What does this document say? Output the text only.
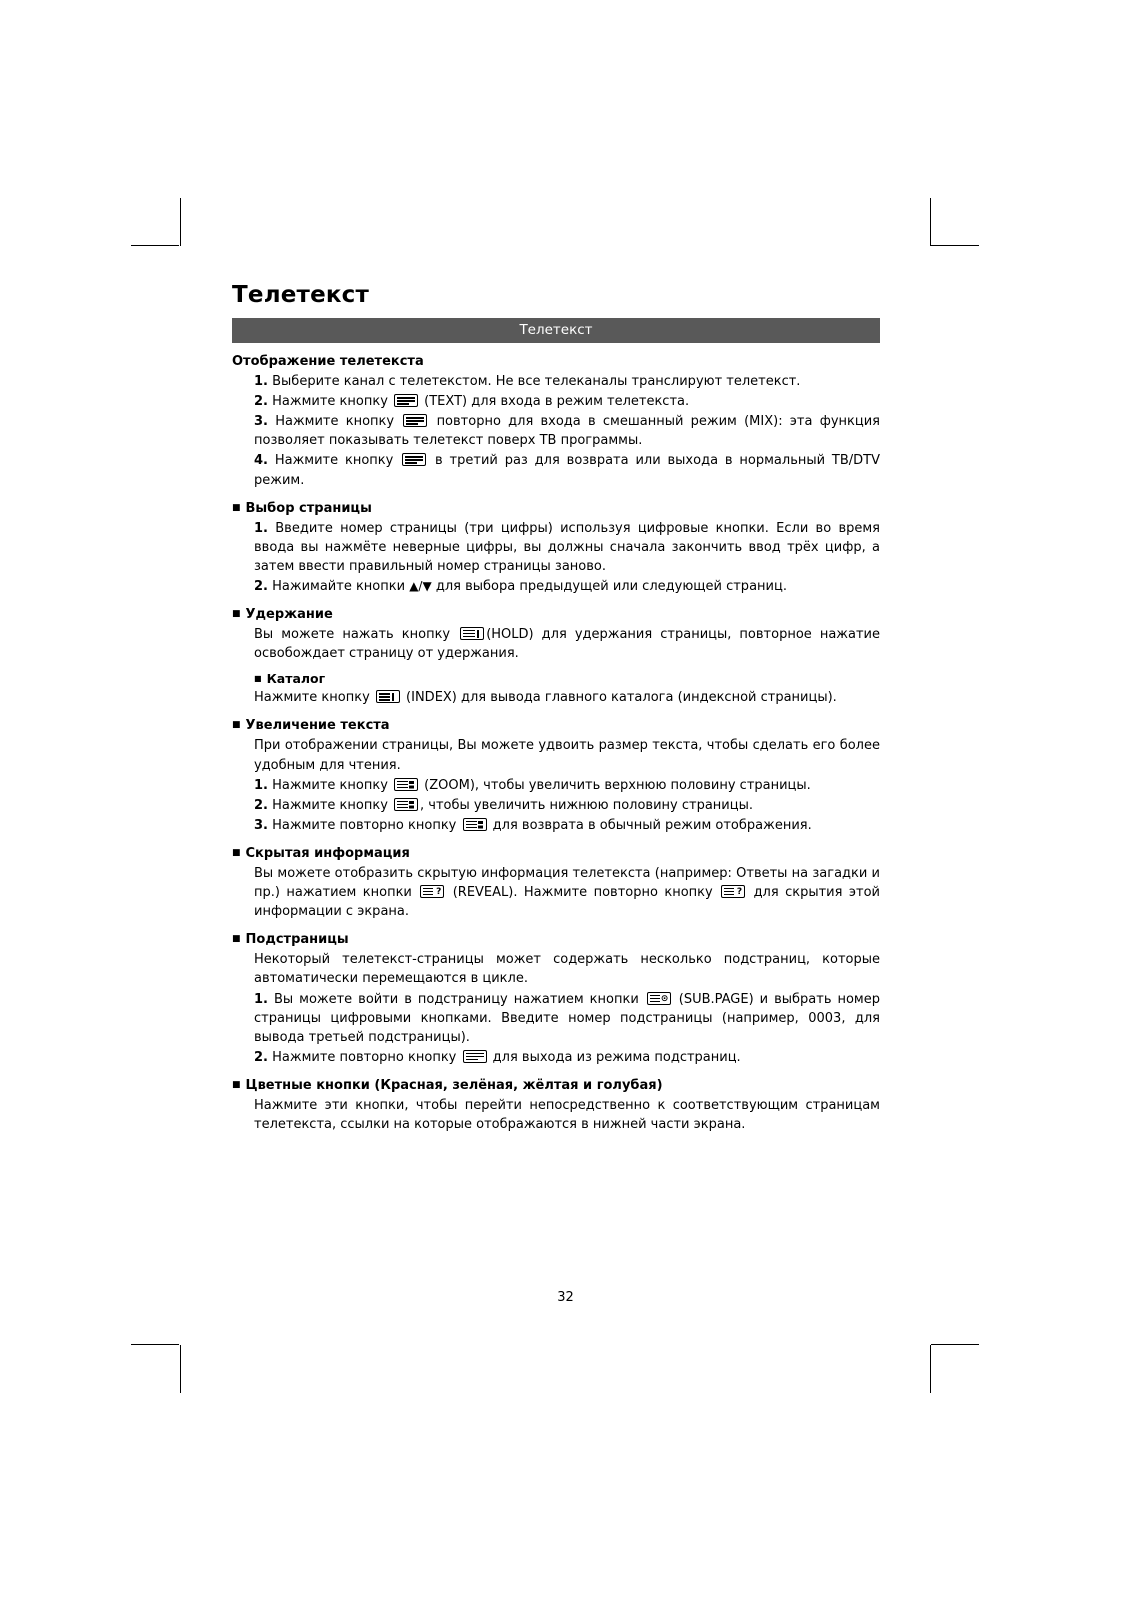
Телетекст
Телетекст
Отображение телетекста

1. Выберите канал с телетекстом. Не все телеканалы транслируют телетекст.

2. Нажмите кнопку	(TEXT) для входа в режим телетекста.

3. Нажмите кнопку	повторно для входа в смешанный режим (MIX): эта функция позволяет показывать телетекст поверх ТВ программы.

4. Нажмите кнопку	в третий раз для возврата или выхода в нормальный ТВ/DTV режим.

■ Выбор страницы

1. Введите номер страницы (три цифры) используя цифровые кнопки. Если во время ввода вы нажмёте неверные цифры, вы должны сначала закончить ввод трёх цифр, а затем ввести правильный номер страницы заново.

2. Нажимайте кнопки ▲/▼ для выбора предыдущей или следующей страниц.

■ Удержание

Вы можете нажать кнопку	(HOLD) для удержания страницы, повторное нажатие освобождает страницу от удержания.

■ Каталог

Нажмите кнопку	(INDEX) для вывода главного каталога (индексной страницы).

■ Увеличение текста

При отображении страницы, Вы можете удвоить размер текста, чтобы сделать его более удобным для чтения.

1. Нажмите кнопку	(ZOOM), чтобы увеличить верхнюю половину страницы.

2. Нажмите кнопку , чтобы увеличить нижнюю половину страницы.

3. Нажмите повторно кнопку	для возврата в обычный режим отображения.

■ Скрытая информация

Вы можете отобразить скрытую информация телетекста (например: Ответы на загадки и пр.) нажатием кнопки	? (REVEAL). Нажмите повторно кнопку	? для скрытия этой информации с экрана.

■ Подстраницы

Некоторый телетекст-страницы может содержать несколько подстраниц, которые автоматически перемещаются в цикле.

1. Вы можете войти в подстраницу нажатием кнопки ⊙ (SUB.PAGE) и выбрать номер страницы цифровыми кнопками. Введите номер подстраницы (например, 0003, для вывода третьей подстраницы).

2. Нажмите повторно кнопку	для выхода из режима подстраниц.

■ Цветные кнопки (Красная, зелёная, жёлтая и голубая)

Нажмите эти кнопки, чтобы перейти непосредственно к соответствующим страницам телетекста, ссылки на которые отображаются в нижней части экрана.

32
